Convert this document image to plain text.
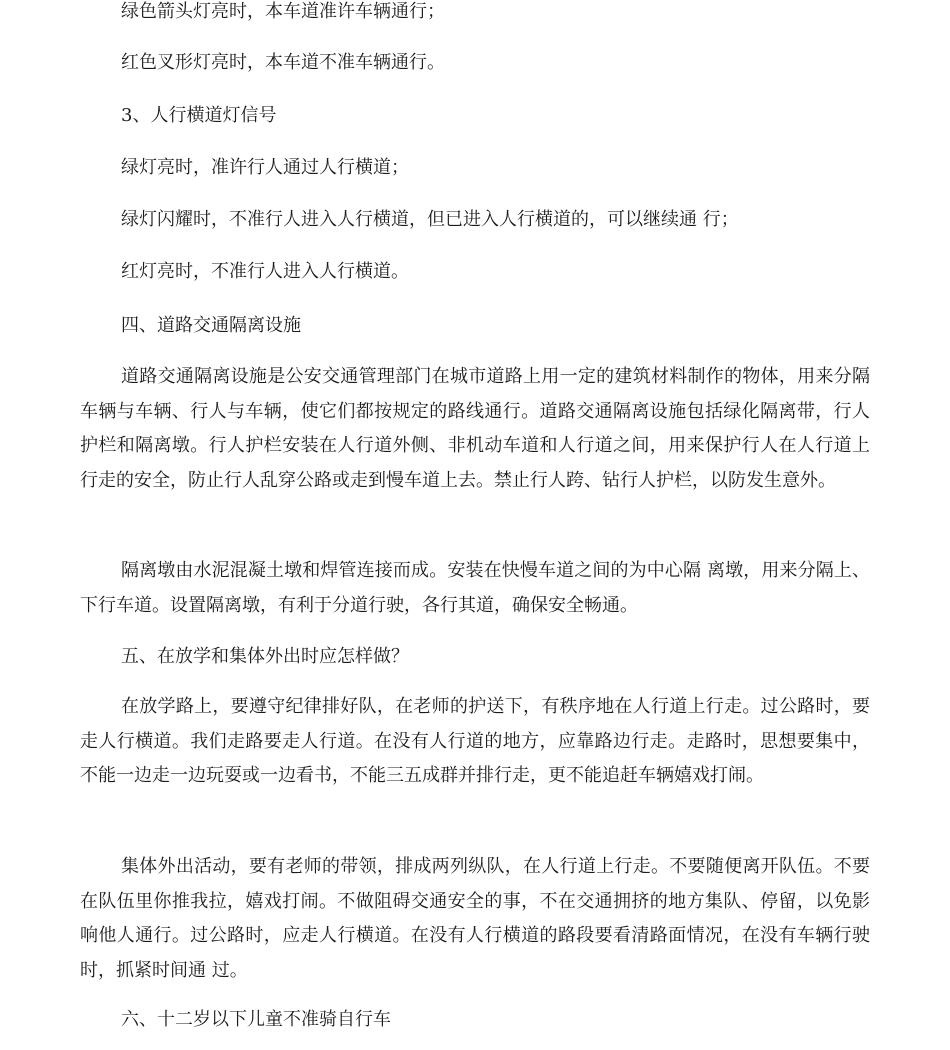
绿色箭头灯亮时，本车道准许车辆通行；

红色叉形灯亮时，本车道不准车辆通行。

3、人行横道灯信号

绿灯亮时，准许行人通过人行横道；

绿灯闪耀时，不准行人进入人行横道，但已进入人行横道的，可以继续通 行；

红灯亮时，不准行人进入人行横道。

四、道路交通隔离设施

道路交通隔离设施是公安交通管理部门在城市道路上用一定的建筑材料制作的物体，用来分隔车辆与车辆、行人与车辆，使它们都按规定的路线通行。道路交通隔离设施包括绿化隔离带，行人护栏和隔离墩。行人护栏安装在人行道外侧、非机动车道和人行道之间，用来保护行人在人行道上行走的安全，防止行人乱穿公路或走到慢车道上去。禁止行人跨、钻行人护栏，以防发生意外。

隔离墩由水泥混凝土墩和焊管连接而成。安装在快慢车道之间的为中心隔 离墩，用来分隔上、下行车道。设置隔离墩，有利于分道行驶，各行其道，确保安全畅通。

五、在放学和集体外出时应怎样做？

在放学路上，要遵守纪律排好队，在老师的护送下，有秩序地在人行道上行走。过公路时，要走人行横道。我们走路要走人行道。在没有人行道的地方，应靠路边行走。走路时，思想要集中，不能一边走一边玩耍或一边看书，不能三五成群并排行走，更不能追赶车辆嬉戏打闹。

集体外出活动，要有老师的带领，排成两列纵队，在人行道上行走。不要随便离开队伍。不要在队伍里你推我拉，嬉戏打闹。不做阻碍交通安全的事，不在交通拥挤的地方集队、停留，以免影响他人通行。过公路时，应走人行横道。在没有人行横道的路段要看清路面情况，在没有车辆行驶时，抓紧时间通 过。

六、十二岁以下儿童不准骑自行车
